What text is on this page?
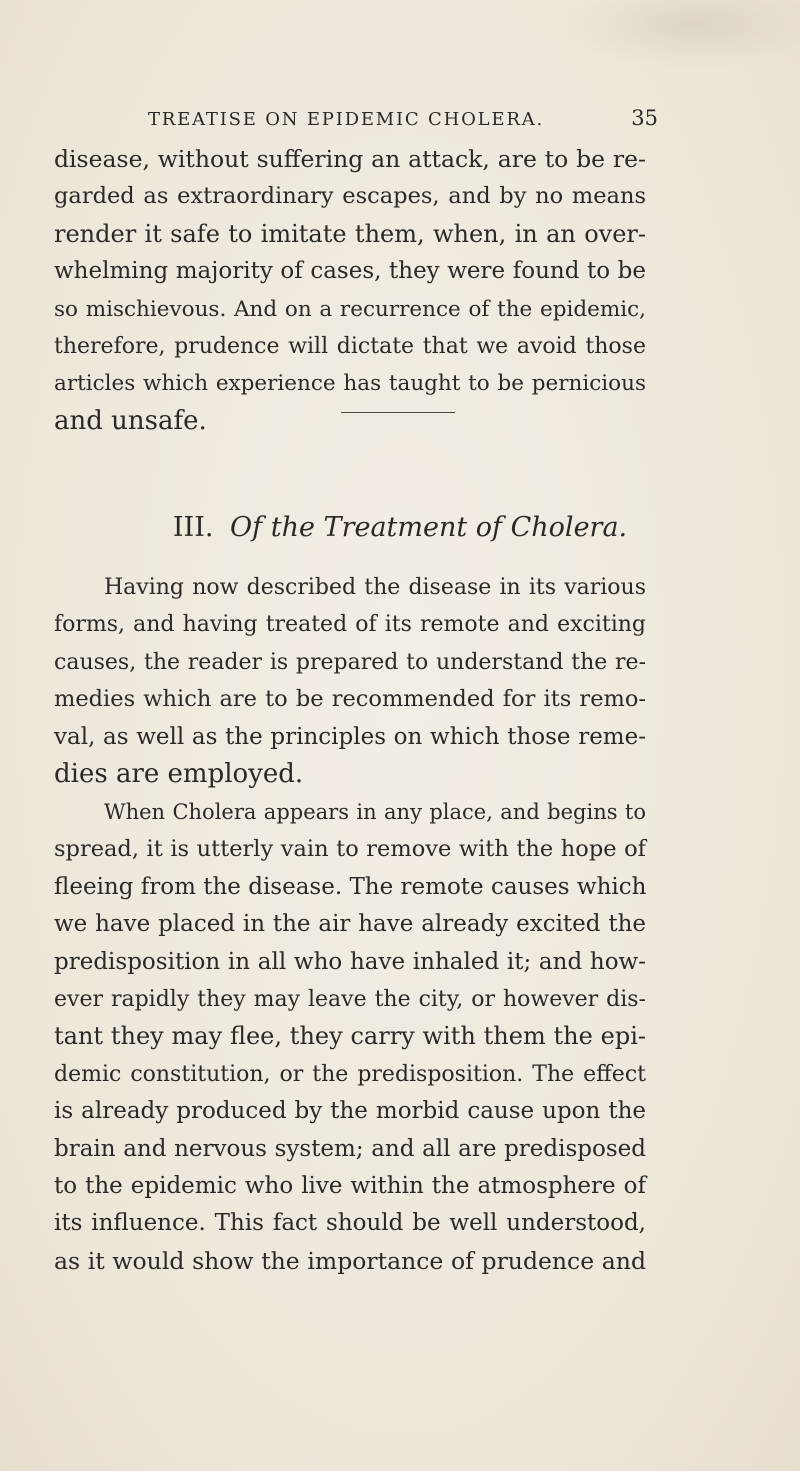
TREATISE ON EPIDEMIC CHOLERA.	35
disease, without suffering an attack, are to be re-
garded as extraordinary escapes, and by no means
render it safe to imitate them, when, in an over-
whelming majority of cases, they were found to be
so mischievous. And on a recurrence of the epidemic,
therefore, prudence will dictate that we avoid those
articles which experience has taught to be pernicious
and unsafe.
III. Of the Treatment of Cholera.
Having now described the disease in its various
forms, and having treated of its remote and exciting
causes, the reader is prepared to understand the re-
medies which are to be recommended for its remo-
val, as well as the principles on which those reme-
dies are employed.
When Cholera appears in any place, and begins to
spread, it is utterly vain to remove with the hope of
fleeing from the disease. The remote causes which
we have placed in the air have already excited the
predisposition in all who have inhaled it; and how-
ever rapidly they may leave the city, or however dis-
tant they may flee, they carry with them the epi-
demic constitution, or the predisposition. The effect
is already produced by the morbid cause upon the
brain and nervous system; and all are predisposed
to the epidemic who live within the atmosphere of
its influence. This fact should be well understood,
as it would show the importance of prudence and
